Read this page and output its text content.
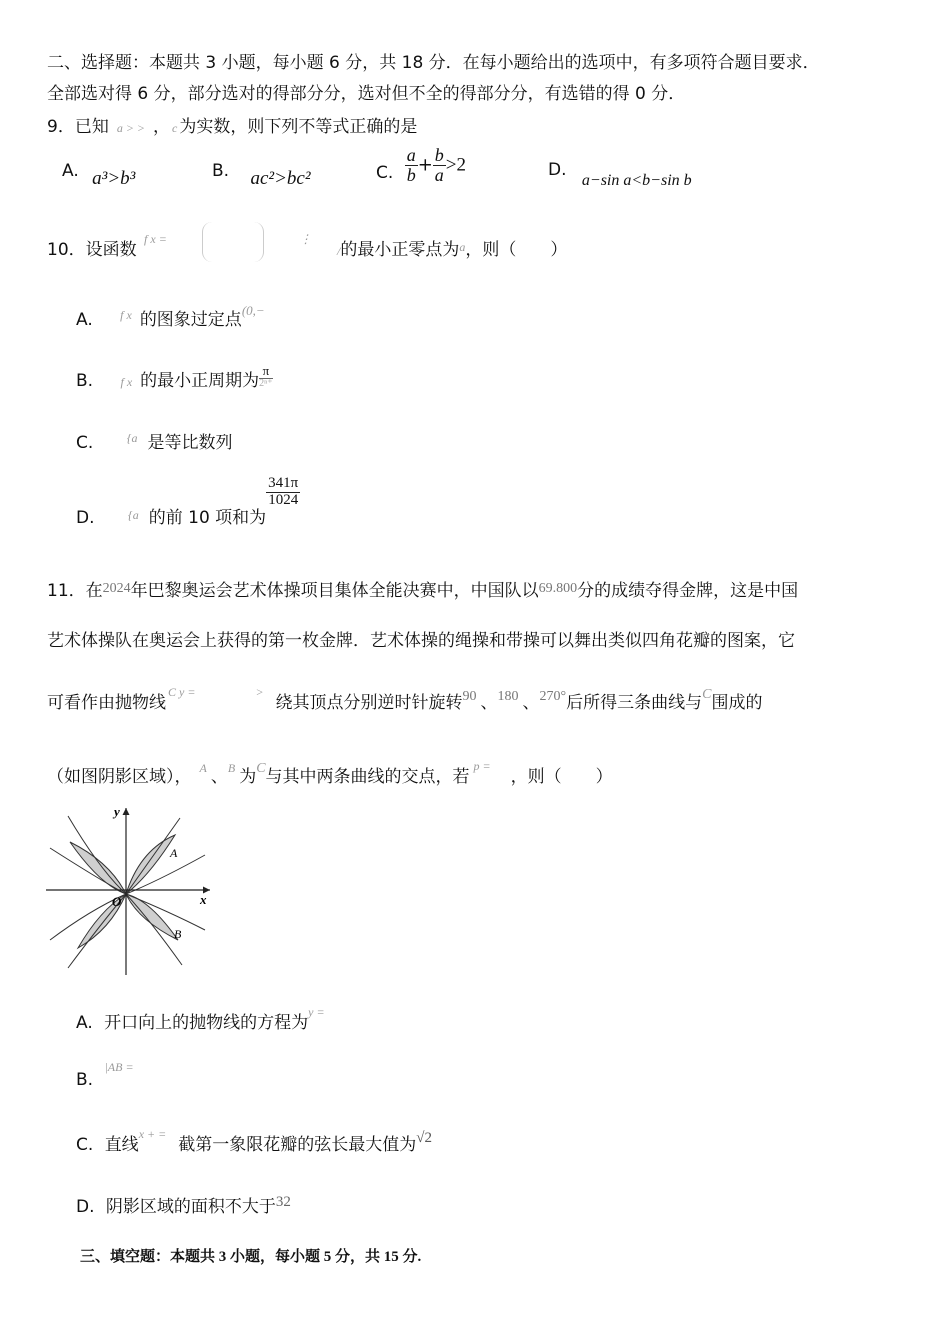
二、选择题：本题共 3 小题，每小题 6 分，共 18 分．在每小题给出的选项中，有多项符合题目要求．
全部选对得 6 分，部分选对的得部分分，选对但不全的得部分分，有选错的得 0 分．
9．已知 a > > ， c 为实数，则下列不等式正确的是
A. a³>b³	B. ac²>bc²	C. $\frac{a}{b} + \frac{b}{a} >2$	D. a−sin a<b−sin b
10．设函数 $^{f x =}$	⋮ /的最小正零点为$^a$，则（　　）
A. $^{f x}$ 的图象过定点$^{(0,-}$
B. f x 的最小正周期为 $\frac{\pi}{\text{2ⁿ⁺}}$
C.	$^{\{a}$ 是等比数列
D.	$_{\{a}$ 的前 10 项和为
$\frac{341\pi}{1024}$
11．在$^{2024}$年巴黎奥运会艺术体操项目集体全能决赛中，中国队以$^{69.800}$分的成绩夺得金牌，这是中国
艺术体操队在奥运会上获得的第一枚金牌．艺术体操的绳操和带操可以舞出类似四角花瓣的图案，它
可看作由抛物线$^{C y =}$	>绕其顶点分别逆时针旋转$^{90}$ 、$^{180}$ 、$^{270^\circ}$后所得三条曲线与$^C$围成的
（如图阴影区域）， $^A$ 、$^B$ 为$^C$与其中两条曲线的交点，若$^{p =}$，则（　　）
y
x
O
A
B
A. 开口向上的抛物线的方程为$^{y =}$
B. $^{|AB =}$
C. 直线$^{x + =}$截第一象限花瓣的弦长最大值为√2
D. 阴影区域的面积不大于32
三、填空题：本题共 3 小题，每小题 5 分，共 15 分.
